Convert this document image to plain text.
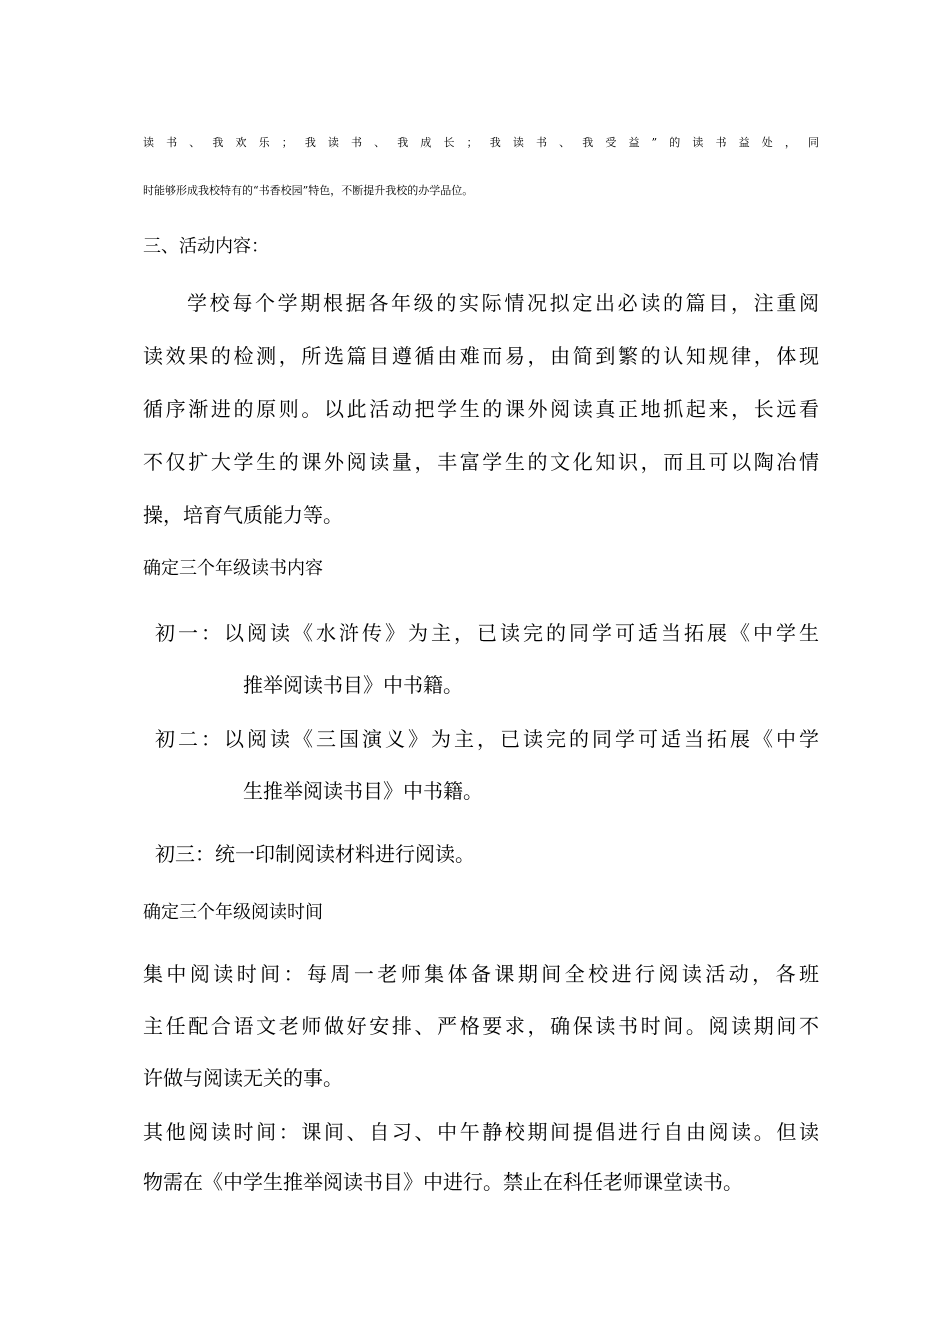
读书、我欢乐；我读书、我成长；我读书、我受益”的读书益处，同
时能够形成我校特有的“书香校园”特色，不断提升我校的办学品位。
三、活动内容：
学校每个学期根据各年级的实际情况拟定出必读的篇目，注重阅
读效果的检测，所选篇目遵循由难而易，由简到繁的认知规律，体现
循序渐进的原则。以此活动把学生的课外阅读真正地抓起来，长远看
不仅扩大学生的课外阅读量，丰富学生的文化知识，而且可以陶冶情
操，培育气质能力等。
确定三个年级读书内容
初一：以阅读《水浒传》为主，已读完的同学可适当拓展《中学生
推举阅读书目》中书籍。
初二：以阅读《三国演义》为主，已读完的同学可适当拓展《中学
生推举阅读书目》中书籍。
初三：统一印制阅读材料进行阅读。
确定三个年级阅读时间
集中阅读时间：每周一老师集体备课期间全校进行阅读活动，各班
主任配合语文老师做好安排、严格要求，确保读书时间。阅读期间不
许做与阅读无关的事。
其他阅读时间：课间、自习、中午静校期间提倡进行自由阅读。但读
物需在《中学生推举阅读书目》中进行。禁止在科任老师课堂读书。
